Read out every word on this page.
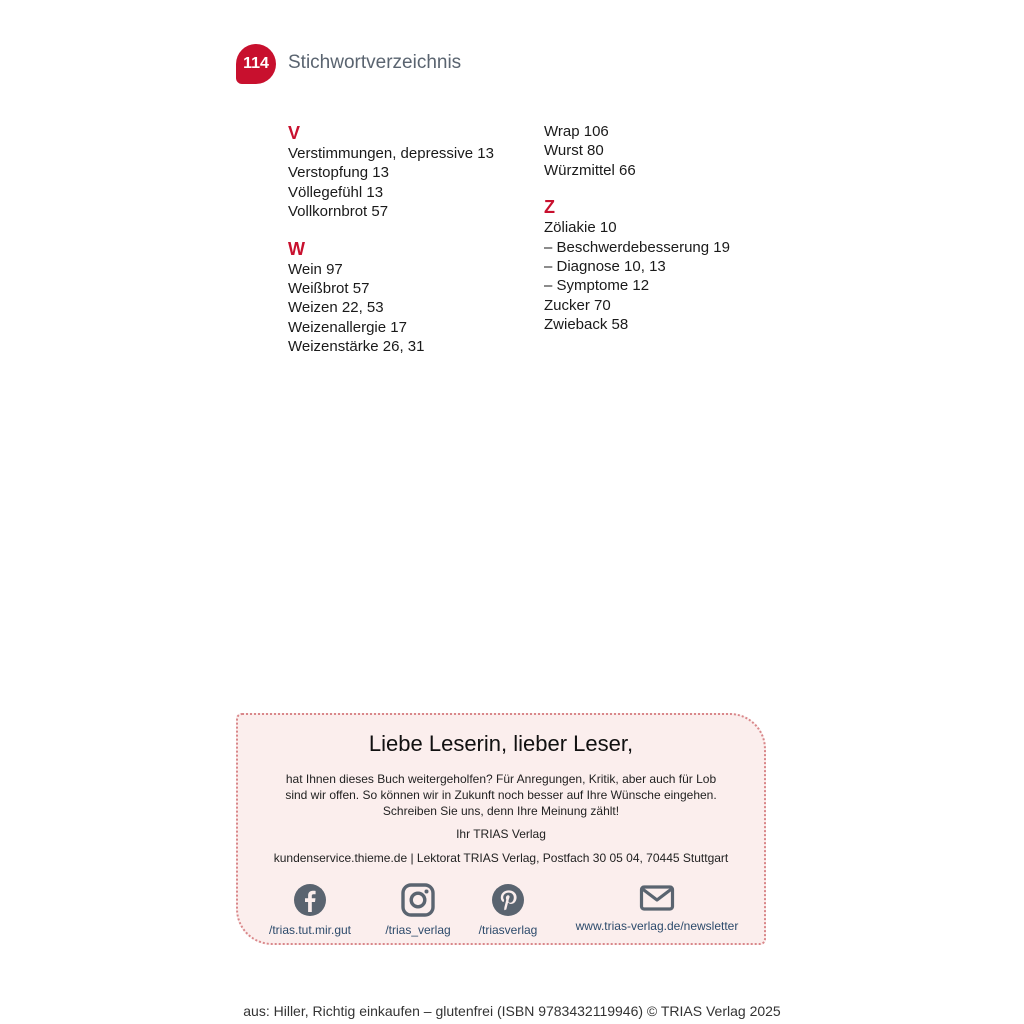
114 Stichwortverzeichnis
V
Verstimmungen, depressive 13
Verstopfung 13
Völlegefühl 13
Vollkornbrot 57
W
Wein 97
Weißbrot 57
Weizen 22, 53
Weizenallergie 17
Weizenstärke 26, 31
Wrap 106
Wurst 80
Würzmittel 66
Z
Zöliakie 10
– Beschwerdebesserung 19
– Diagnose 10, 13
– Symptome 12
Zucker 70
Zwieback 58
Liebe Leserin, lieber Leser,
hat Ihnen dieses Buch weitergeholfen? Für Anregungen, Kritik, aber auch für Lob
sind wir offen. So können wir in Zukunft noch besser auf Ihre Wünsche eingehen.
Schreiben Sie uns, denn Ihre Meinung zählt!
Ihr TRIAS Verlag
kundenservice.thieme.de | Lektorat TRIAS Verlag, Postfach 30 05 04, 70445 Stuttgart
/trias.tut.mir.gut	/trias_verlag	/triasverlag	www.trias-verlag.de/newsletter
aus: Hiller, Richtig einkaufen – glutenfrei (ISBN 9783432119946) © TRIAS Verlag 2025
